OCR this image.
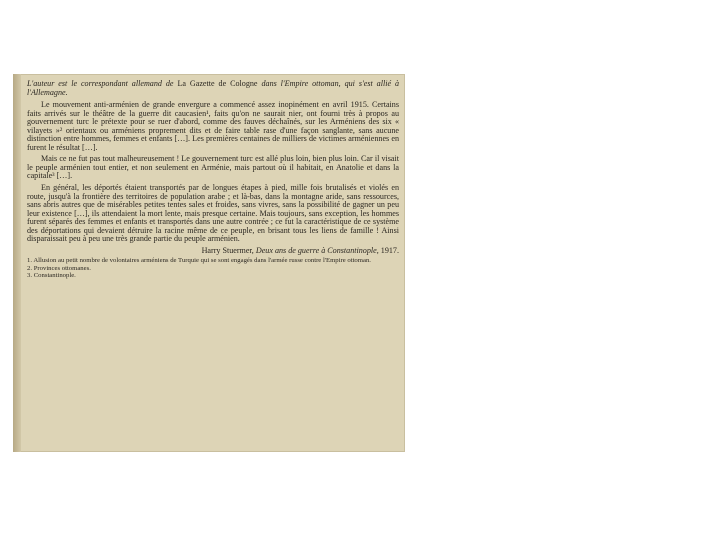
L'auteur est le correspondant allemand de La Gazette de Cologne dans l'Empire ottoman, qui s'est allié à l'Allemagne.

Le mouvement anti-arménien de grande envergure a commencé assez inopinément en avril 1915. Certains faits arrivés sur le théâtre de la guerre dit caucasien¹, faits qu'on ne saurait nier, ont fourni très à propos au gouvernement turc le prétexte pour se ruer d'abord, comme des fauves déchaînés, sur les Arméniens des six « vilayets »² orientaux ou arméniens proprement dits et de faire table rase d'une façon sanglante, sans aucune distinction entre hommes, femmes et enfants […]. Les premières centaines de milliers de victimes arméniennes en furent le résultat […].

Mais ce ne fut pas tout malheureusement ! Le gouvernement turc est allé plus loin, bien plus loin. Car il visait le peuple arménien tout entier, et non seulement en Arménie, mais partout où il habitait, en Anatolie et dans la capitale³ […].

En général, les déportés étaient transportés par de longues étapes à pied, mille fois brutalisés et violés en route, jusqu'à la frontière des territoires de population arabe ; et là-bas, dans la montagne aride, sans ressources, sans abris autres que de misérables petites tentes sales et froides, sans vivres, sans la possibilité de gagner un peu leur existence […], ils attendaient la mort lente, mais presque certaine. Mais toujours, sans exception, les hommes furent séparés des femmes et enfants et transportés dans une autre contrée ; ce fut la caractéristique de ce système des déportations qui devaient détruire la racine même de ce peuple, en brisant tous les liens de famille ! Ainsi disparaissait peu à peu une très grande partie du peuple arménien.

Harry Stuermer, Deux ans de guerre à Constantinople, 1917.

1. Allusion au petit nombre de volontaires arméniens de Turquie qui se sont engagés dans l'armée russe contre l'Empire ottoman.

2. Provinces ottomanes.

3. Constantinople.
